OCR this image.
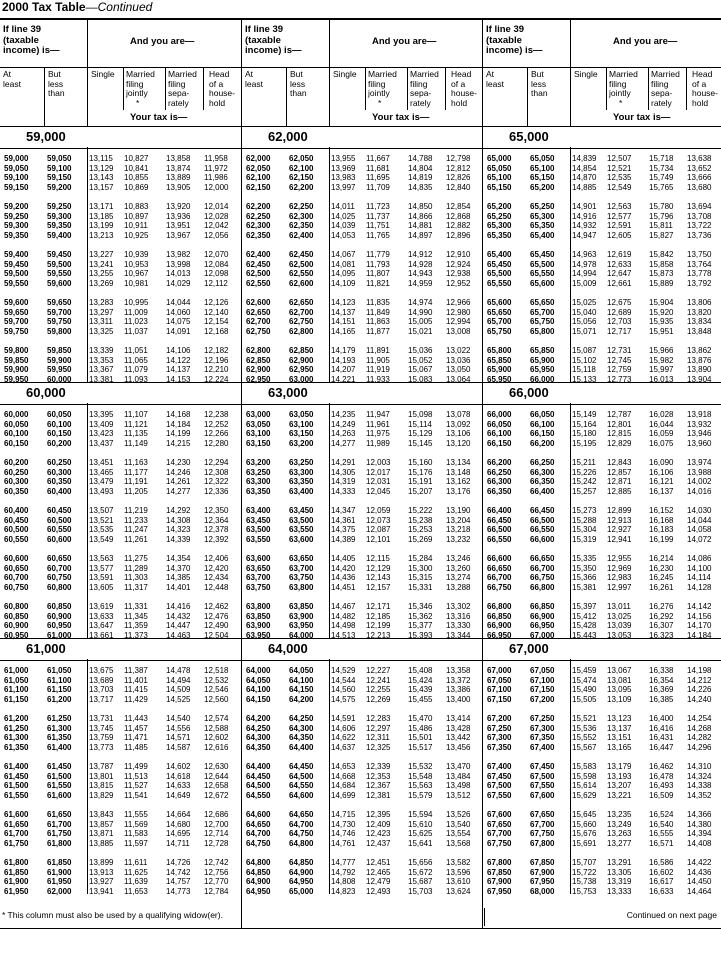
2000 Tax Table—Continued
If line 39
(taxable
income) is—
And you are—
At
least
But
less
than
Single Married
filing
jointly
*
Married
filing
sepa-
rately
Head
of a
house-
hold
Your tax is—
59,000
59,000 59,050 13,115 10,827 13,858 11,958
59,050 59,100 13,129 10,841 13,874 11,972
59,100 59,150 13,143 10,855 13,889 11,986
59,150 59,200 13,157 10,869 13,905 12,000
59,200 59,250 13,171 10,883 13,920 12,014
59,250 59,300 13,185 10,897 13,936 12,028
59,300 59,350 13,199 10,911 13,951 12,042
59,350 59,400 13,213 10,925 13,967 12,056
59,400 59,450 13,227 10,939 13,982 12,070
59,450 59,500 13,241 10,953 13,998 12,084
59,500 59,550 13,255 10,967 14,013 12,098
59,550 59,600 13,269 10,981 14,029 12,112
59,600 59,650 13,283 10,995 14,044 12,126
59,650 59,700 13,297 11,009 14,060 12,140
59,700 59,750 13,311 11,023 14,075 12,154
59,750 59,800 13,325 11,037 14,091 12,168
59,800 59,850 13,339 11,051 14,106 12,182
59,850 59,900 13,353 11,065 14,122 12,196
59,900 59,950 13,367 11,079 14,137 12,210
59,950 60,000 13,381 11,093 14,153 12,224
60,000
60,000 60,050 13,395 11,107 14,168 12,238
60,050 60,100 13,409 11,121 14,184 12,252
60,100 60,150 13,423 11,135 14,199 12,266
60,150 60,200 13,437 11,149 14,215 12,280
60,200 60,250 13,451 11,163 14,230 12,294
60,250 60,300 13,465 11,177 14,246 12,308
60,300 60,350 13,479 11,191 14,261 12,322
60,350 60,400 13,493 11,205 14,277 12,336
60,400 60,450 13,507 11,219 14,292 12,350
60,450 60,500 13,521 11,233 14,308 12,364
60,500 60,550 13,535 11,247 14,323 12,378
60,550 60,600 13,549 11,261 14,339 12,392
60,600 60,650 13,563 11,275 14,354 12,406
60,650 60,700 13,577 11,289 14,370 12,420
60,700 60,750 13,591 11,303 14,385 12,434
60,750 60,800 13,605 11,317 14,401 12,448
60,800 60,850 13,619 11,331 14,416 12,462
60,850 60,900 13,633 11,345 14,432 12,476
60,900 60,950 13,647 11,359 14,447 12,490
60,950 61,000 13,661 11,373 14,463 12,504
61,000
61,000 61,050 13,675 11,387 14,478 12,518
61,050 61,100 13,689 11,401 14,494 12,532
61,100 61,150 13,703 11,415 14,509 12,546
61,150 61,200 13,717 11,429 14,525 12,560
61,200 61,250 13,731 11,443 14,540 12,574
61,250 61,300 13,745 11,457 14,556 12,588
61,300 61,350 13,759 11,471 14,571 12,602
61,350 61,400 13,773 11,485 14,587 12,616
61,400 61,450 13,787 11,499 14,602 12,630
61,450 61,500 13,801 11,513 14,618 12,644
61,500 61,550 13,815 11,527 14,633 12,658
61,550 61,600 13,829 11,541 14,649 12,672
61,600 61,650 13,843 11,555 14,664 12,686
61,650 61,700 13,857 11,569 14,680 12,700
61,700 61,750 13,871 11,583 14,695 12,714
61,750 61,800 13,885 11,597 14,711 12,728
61,800 61,850 13,899 11,611 14,726 12,742
61,850 61,900 13,913 11,625 14,742 12,756
61,900 61,950 13,927 11,639 14,757 12,770
61,950 62,000 13,941 11,653 14,773 12,784
If line 39
(taxable
income) is—
And you are—
At
least
But
less
than
Single Married
filing
jointly
*
Married
filing
sepa-
rately
Head
of a
house-
hold
Your tax is—
62,000
62,000 62,050 13,955 11,667 14,788 12,798
62,050 62,100 13,969 11,681 14,804 12,812
62,100 62,150 13,983 11,695 14,819 12,826
62,150 62,200 13,997 11,709 14,835 12,840
62,200 62,250 14,011 11,723 14,850 12,854
62,250 62,300 14,025 11,737 14,866 12,868
62,300 62,350 14,039 11,751 14,881 12,882
62,350 62,400 14,053 11,765 14,897 12,896
62,400 62,450 14,067 11,779 14,912 12,910
62,450 62,500 14,081 11,793 14,928 12,924
62,500 62,550 14,095 11,807 14,943 12,938
62,550 62,600 14,109 11,821 14,959 12,952
62,600 62,650 14,123 11,835 14,974 12,966
62,650 62,700 14,137 11,849 14,990 12,980
62,700 62,750 14,151 11,863 15,005 12,994
62,750 62,800 14,165 11,877 15,021 13,008
62,800 62,850 14,179 11,891 15,036 13,022
62,850 62,900 14,193 11,905 15,052 13,036
62,900 62,950 14,207 11,919 15,067 13,050
62,950 63,000 14,221 11,933 15,083 13,064
63,000
63,000 63,050 14,235 11,947 15,098 13,078
63,050 63,100 14,249 11,961 15,114 13,092
63,100 63,150 14,263 11,975 15,129 13,106
63,150 63,200 14,277 11,989 15,145 13,120
63,200 63,250 14,291 12,003 15,160 13,134
63,250 63,300 14,305 12,017 15,176 13,148
63,300 63,350 14,319 12,031 15,191 13,162
63,350 63,400 14,333 12,045 15,207 13,176
63,400 63,450 14,347 12,059 15,222 13,190
63,450 63,500 14,361 12,073 15,238 13,204
63,500 63,550 14,375 12,087 15,253 13,218
63,550 63,600 14,389 12,101 15,269 13,232
63,600 63,650 14,405 12,115 15,284 13,246
63,650 63,700 14,420 12,129 15,300 13,260
63,700 63,750 14,436 12,143 15,315 13,274
63,750 63,800 14,451 12,157 15,331 13,288
63,800 63,850 14,467 12,171 15,346 13,302
63,850 63,900 14,482 12,185 15,362 13,316
63,900 63,950 14,498 12,199 15,377 13,330
63,950 64,000 14,513 12,213 15,393 13,344
64,000
64,000 64,050 14,529 12,227 15,408 13,358
64,050 64,100 14,544 12,241 15,424 13,372
64,100 64,150 14,560 12,255 15,439 13,386
64,150 64,200 14,575 12,269 15,455 13,400
64,200 64,250 14,591 12,283 15,470 13,414
64,250 64,300 14,606 12,297 15,486 13,428
64,300 64,350 14,622 12,311 15,501 13,442
64,350 64,400 14,637 12,325 15,517 13,456
64,400 64,450 14,653 12,339 15,532 13,470
64,450 64,500 14,668 12,353 15,548 13,484
64,500 64,550 14,684 12,367 15,563 13,498
64,550 64,600 14,699 12,381 15,579 13,512
64,600 64,650 14,715 12,395 15,594 13,526
64,650 64,700 14,730 12,409 15,610 13,540
64,700 64,750 14,746 12,423 15,625 13,554
64,750 64,800 14,761 12,437 15,641 13,568
64,800 64,850 14,777 12,451 15,656 13,582
64,850 64,900 14,792 12,465 15,672 13,596
64,900 64,950 14,808 12,479 15,687 13,610
64,950 65,000 14,823 12,493 15,703 13,624
If line 39
(taxable
income) is—
And you are—
At
least
But
less
than
Single Married
filing
jointly
*
Married
filing
sepa-
rately
Head
of a
house-
hold
Your tax is—
65,000
65,000 65,050 14,839 12,507 15,718 13,638
65,050 65,100 14,854 12,521 15,734 13,652
65,100 65,150 14,870 12,535 15,749 13,666
65,150 65,200 14,885 12,549 15,765 13,680
65,200 65,250 14,901 12,563 15,780 13,694
65,250 65,300 14,916 12,577 15,796 13,708
65,300 65,350 14,932 12,591 15,811 13,722
65,350 65,400 14,947 12,605 15,827 13,736
65,400 65,450 14,963 12,619 15,842 13,750
65,450 65,500 14,978 12,633 15,858 13,764
65,500 65,550 14,994 12,647 15,873 13,778
65,550 65,600 15,009 12,661 15,889 13,792
65,600 65,650 15,025 12,675 15,904 13,806
65,650 65,700 15,040 12,689 15,920 13,820
65,700 65,750 15,056 12,703 15,935 13,834
65,750 65,800 15,071 12,717 15,951 13,848
65,800 65,850 15,087 12,731 15,966 13,862
65,850 65,900 15,102 12,745 15,982 13,876
65,900 65,950 15,118 12,759 15,997 13,890
65,950 66,000 15,133 12,773 16,013 13,904
66,000
66,000 66,050 15,149 12,787 16,028 13,918
66,050 66,100 15,164 12,801 16,044 13,932
66,100 66,150 15,180 12,815 16,059 13,946
66,150 66,200 15,195 12,829 16,075 13,960
66,200 66,250 15,211 12,843 16,090 13,974
66,250 66,300 15,226 12,857 16,106 13,988
66,300 66,350 15,242 12,871 16,121 14,002
66,350 66,400 15,257 12,885 16,137 14,016
66,400 66,450 15,273 12,899 16,152 14,030
66,450 66,500 15,288 12,913 16,168 14,044
66,500 66,550 15,304 12,927 16,183 14,058
66,550 66,600 15,319 12,941 16,199 14,072
66,600 66,650 15,335 12,955 16,214 14,086
66,650 66,700 15,350 12,969 16,230 14,100
66,700 66,750 15,366 12,983 16,245 14,114
66,750 66,800 15,381 12,997 16,261 14,128
66,800 66,850 15,397 13,011 16,276 14,142
66,850 66,900 15,412 13,025 16,292 14,156
66,900 66,950 15,428 13,039 16,307 14,170
66,950 67,000 15,443 13,053 16,323 14,184
67,000
67,000 67,050 15,459 13,067 16,338 14,198
67,050 67,100 15,474 13,081 16,354 14,212
67,100 67,150 15,490 13,095 16,369 14,226
67,150 67,200 15,505 13,109 16,385 14,240
67,200 67,250 15,521 13,123 16,400 14,254
67,250 67,300 15,536 13,137 16,416 14,268
67,300 67,350 15,552 13,151 16,431 14,282
67,350 67,400 15,567 13,165 16,447 14,296
67,400 67,450 15,583 13,179 16,462 14,310
67,450 67,500 15,598 13,193 16,478 14,324
67,500 67,550 15,614 13,207 16,493 14,338
67,550 67,600 15,629 13,221 16,509 14,352
67,600 67,650 15,645 13,235 16,524 14,366
67,650 67,700 15,660 13,249 16,540 14,380
67,700 67,750 15,676 13,263 16,555 14,394
67,750 67,800 15,691 13,277 16,571 14,408
67,800 67,850 15,707 13,291 16,586 14,422
67,850 67,900 15,722 13,305 16,602 14,436
67,900 67,950 15,738 13,319 16,617 14,450
67,950 68,000 15,753 13,333 16,633 14,464
* This column must also be used by a qualifying widow(er).	Continued on next page
